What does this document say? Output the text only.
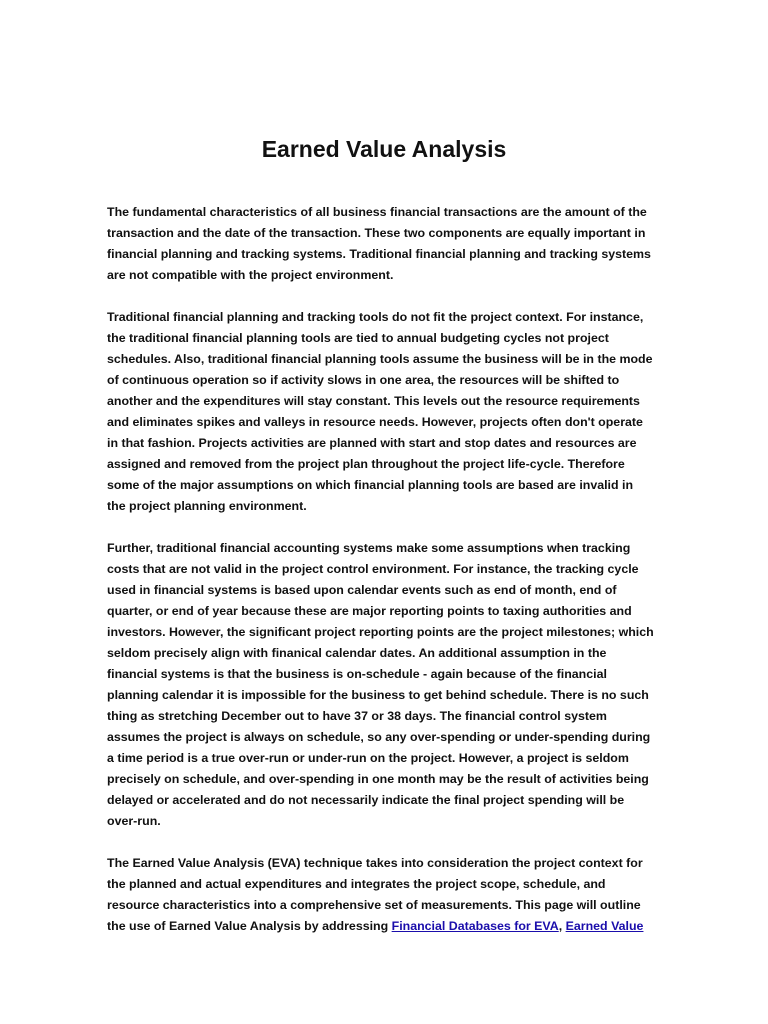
Earned Value Analysis

The fundamental characteristics of all business financial transactions are the amount of the
transaction and the date of the transaction. These two components are equally important in
financial planning and tracking systems. Traditional financial planning and tracking systems
are not compatible with the project environment.

Traditional financial planning and tracking tools do not fit the project context. For instance,
the traditional financial planning tools are tied to annual budgeting cycles not project
schedules. Also, traditional financial planning tools assume the business will be in the mode
of continuous operation so if activity slows in one area, the resources will be shifted to
another and the expenditures will stay constant. This levels out the resource requirements
and eliminates spikes and valleys in resource needs. However, projects often don't operate
in that fashion. Projects activities are planned with start and stop dates and resources are
assigned and removed from the project plan throughout the project life-cycle. Therefore
some of the major assumptions on which financial planning tools are based are invalid in
the project planning environment.

Further, traditional financial accounting systems make some assumptions when tracking
costs that are not valid in the project control environment. For instance, the tracking cycle
used in financial systems is based upon calendar events such as end of month, end of
quarter, or end of year because these are major reporting points to taxing authorities and
investors. However, the significant project reporting points are the project milestones; which
seldom precisely align with finanical calendar dates. An additional assumption in the
financial systems is that the business is on-schedule - again because of the financial
planning calendar it is impossible for the business to get behind schedule. There is no such
thing as stretching December out to have 37 or 38 days. The financial control system
assumes the project is always on schedule, so any over-spending or under-spending during
a time period is a true over-run or under-run on the project. However, a project is seldom
precisely on schedule, and over-spending in one month may be the result of activities being
delayed or accelerated and do not necessarily indicate the final project spending will be
over-run.

The Earned Value Analysis (EVA) technique takes into consideration the project context for
the planned and actual expenditures and integrates the project scope, schedule, and
resource characteristics into a comprehensive set of measurements. This page will outline
the use of Earned Value Analysis by addressing Financial Databases for EVA, Earned Value
